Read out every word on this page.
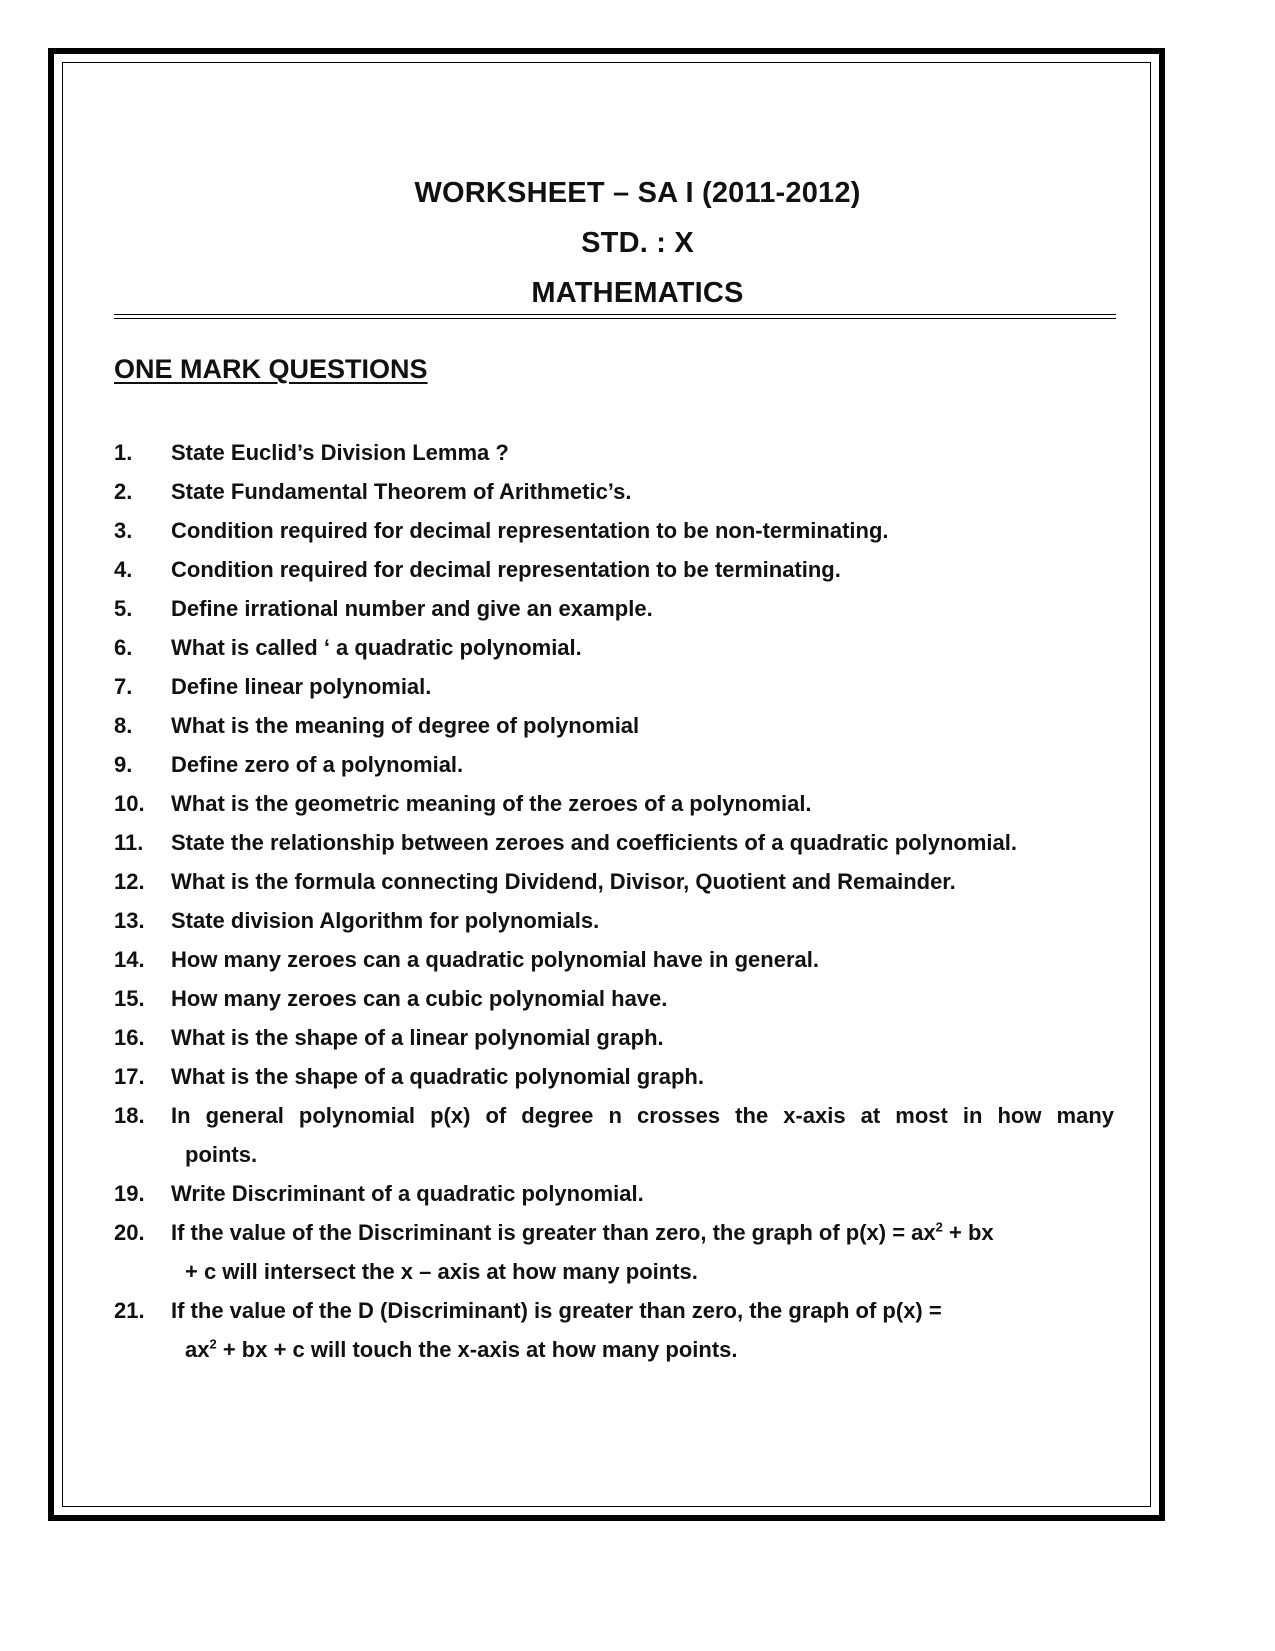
WORKSHEET – SA I (2011-2012)
STD. : X
MATHEMATICS
ONE MARK QUESTIONS
1.	State Euclid’s Division Lemma ?
2.	State Fundamental Theorem of Arithmetic’s.
3.	Condition required for decimal representation to be non-terminating.
4.	Condition required for decimal representation to be terminating.
5.	Define irrational number and give an example.
6.	What is called ‘ a quadratic polynomial.
7.	Define linear polynomial.
8.	What is the meaning of degree of polynomial
9.	Define zero of a polynomial.
10.	What is the geometric meaning of the zeroes of a polynomial.
11.	State the relationship between zeroes and coefficients of a quadratic polynomial.
12.	What is the formula connecting Dividend, Divisor, Quotient and Remainder.
13.	State division Algorithm for polynomials.
14.	How many zeroes can a quadratic polynomial have in general.
15.	How many zeroes can a cubic polynomial have.
16.	What is the shape of a linear polynomial graph.
17.	What is the shape of a quadratic polynomial graph.
18.	In general polynomial p(x) of degree n crosses the x-axis at most in how many
points.
19.	Write Discriminant of a quadratic polynomial.
20.	If the value of the Discriminant is greater than zero, the graph of $p(x) = ax^2$ + bx
+ c will intersect the x – axis at how many points.
21.	If the value of the D (Discriminant) is greater than zero, the graph of p(x) =
$ax^2$ + bx + c will touch the x-axis at how many points.
